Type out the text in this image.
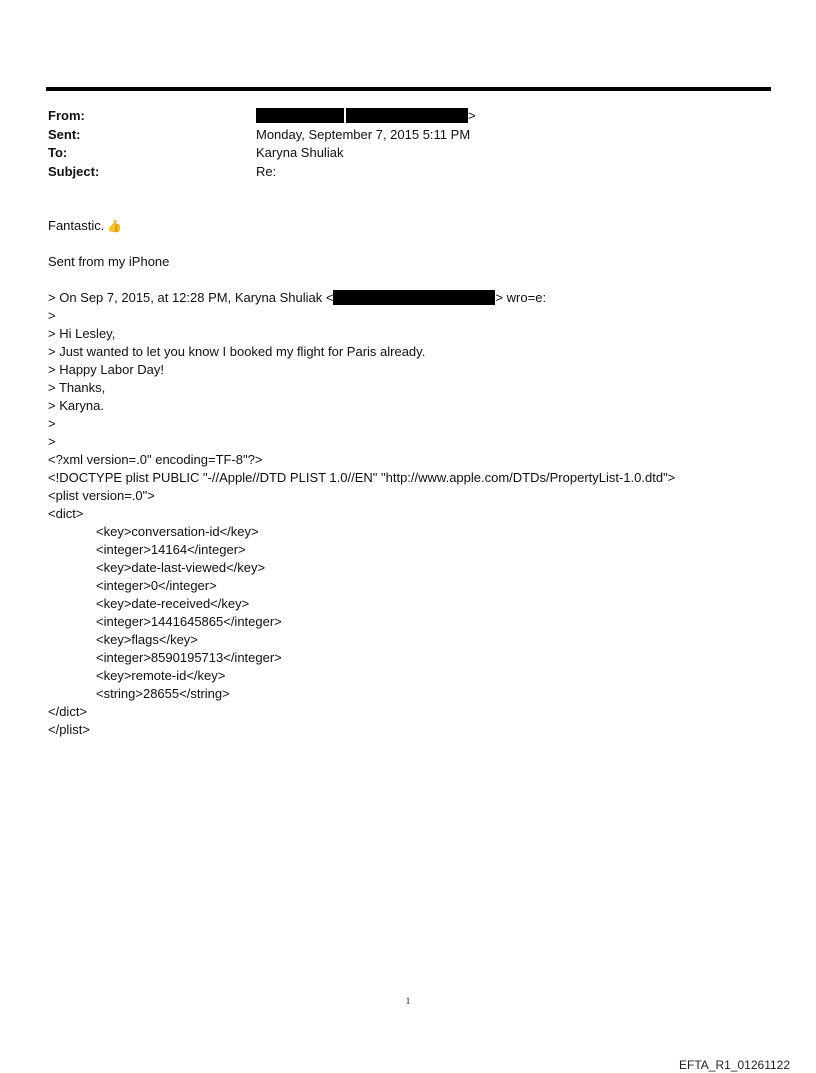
From:	>
Sent:	Monday, September 7, 2015 5:11 PM
To:	Karyna Shuliak
Subject:	Re:
Fantastic. 👍
Sent from my iPhone
> On Sep 7, 2015, at 12:28 PM, Karyna Shuliak <	> wro=e:
>
> Hi Lesley,
> Just wanted to let you know I booked my flight for Paris already.
> Happy Labor Day!
> Thanks,
> Karyna.
>
>
<?xml version=.0" encoding=TF-8"?>
<!DOCTYPE plist PUBLIC "-//Apple//DTD PLIST 1.0//EN" "http://www.apple.com/DTDs/PropertyList-1.0.dtd">
<plist version=.0">
<dict>
<key>conversation-id</key>
<integer>14164</integer>
<key>date-last-viewed</key>
<integer>0</integer>
<key>date-received</key>
<integer>1441645865</integer>
<key>flags</key>
<integer>8590195713</integer>
<key>remote-id</key>
<string>28655</string>
</dict>
</plist>
1
EFTA_R1_01261122
